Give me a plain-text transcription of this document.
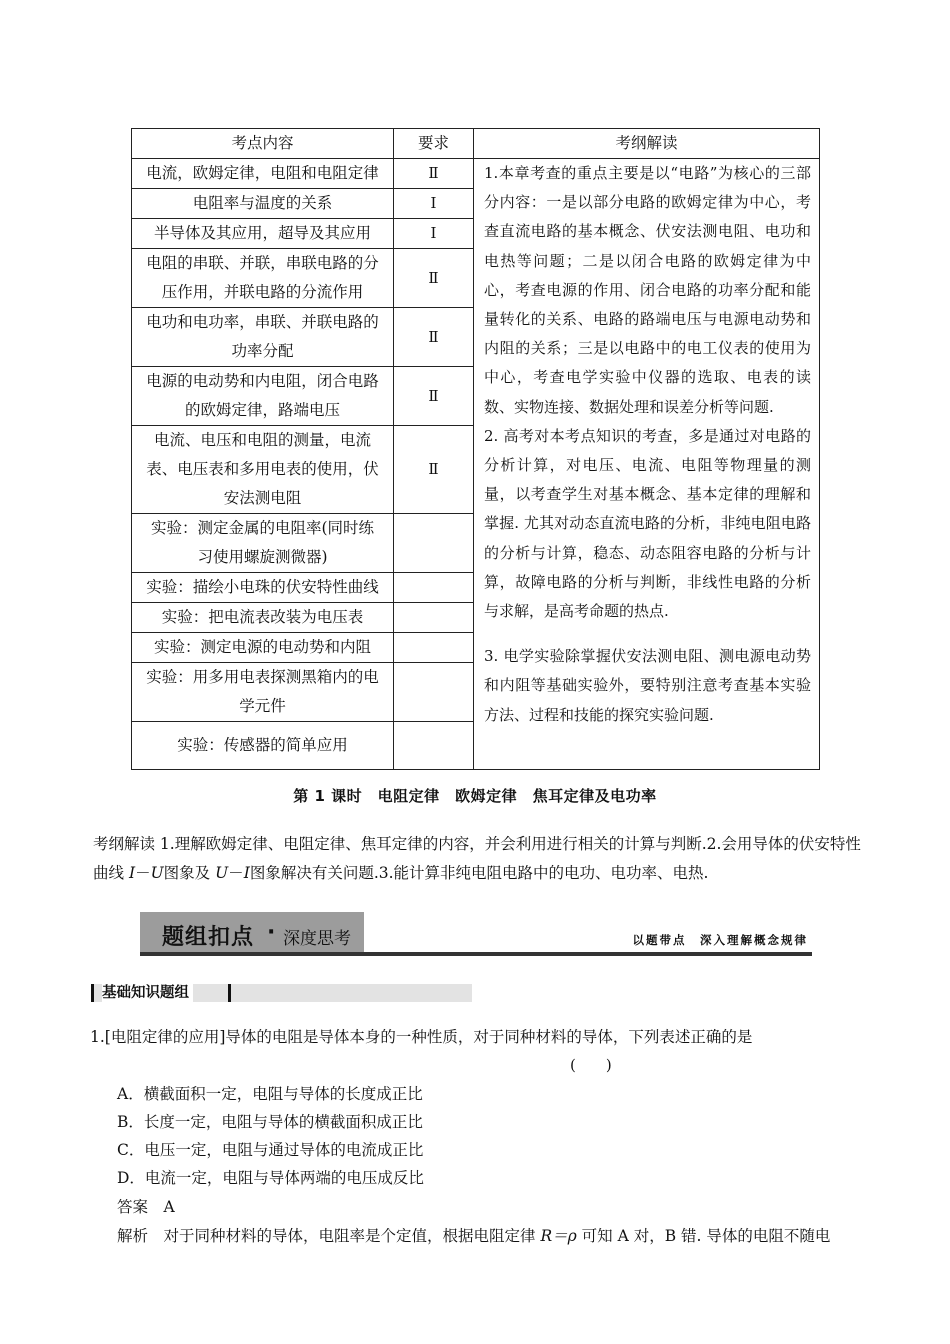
考点内容	要求	考纲解读
电流，欧姆定律，电阻和电阻定律	Ⅱ	1.本章考查的重点主要是以“电路”为核心的三部分内容：一是以部分电路的欧姆定律为中心，考查直流电路的基本概念、伏安法测电阻、电功和电热等问题；二是以闭合电路的欧姆定律为中心，考查电源的作用、闭合电路的功率分配和能量转化的关系、电路的路端电压与电源电动势和内阻的关系；三是以电路中的电工仪表的使用为中心，考查电学实验中仪器的选取、电表的读数、实物连接、数据处理和误差分析等问题.

2. 高考对本考点知识的考查，多是通过对电路的分析计算，对电压、电流、电阻等物理量的测量，以考查学生对基本概念、基本定律的理解和掌握. 尤其对动态直流电路的分析，非纯电阻电路的分析与计算，稳态、动态阻容电路的分析与计算，故障电路的分析与判断，非线性电路的分析与求解，是高考命题的热点.

3. 电学实验除掌握伏安法测电阻、测电源电动势和内阻等基础实验外，要特别注意考查基本实验方法、过程和技能的探究实验问题.

电阻率与温度的关系	Ⅰ	
半导体及其应用，超导及其应用	Ⅰ	
电阻的串联、并联，串联电路的分
压作用，并联电路的分流作用	Ⅱ	
电功和电功率，串联、并联电路的
功率分配	Ⅱ	
电源的电动势和内电阻，闭合电路
的欧姆定律，路端电压	Ⅱ	
电流、电压和电阻的测量，电流
表、电压表和多用电表的使用，伏
安法测电阻	Ⅱ	
实验：测定金属的电阻率(同时练
习使用螺旋测微器)		
实验：描绘小电珠的伏安特性曲线		
实验：把电流表改装为电压表		
实验：测定电源的电动势和内阻		
实验：用多用电表探测黑箱内的电
学元件		
实验：传感器的简单应用		
第 1 课时　电阻定律　欧姆定律　焦耳定律及电功率
考纲解读 1.理解欧姆定律、电阻定律、焦耳定律的内容，并会利用进行相关的计算与判断.2.会用导体的伏安特性曲线 I－U图象及 U－I图象解决有关问题.3.能计算非纯电阻电路中的电功、电功率、电热.
题组扣点 · 深度思考	以题带点　深入理解概念规律
基础知识题组
1.[电阻定律的应用]导体的电阻是导体本身的一种性质，对于同种材料的导体，下列表述正确的是
(　　)
A．横截面积一定，电阻与导体的长度成正比
B．长度一定，电阻与导体的横截面积成正比
C．电压一定，电阻与通过导体的电流成正比
D．电流一定，电阻与导体两端的电压成反比
答案　A
解析　对于同种材料的导体，电阻率是个定值，根据电阻定律 R＝ρ 可知 A 对，B 错. 导体的电阻不随电
